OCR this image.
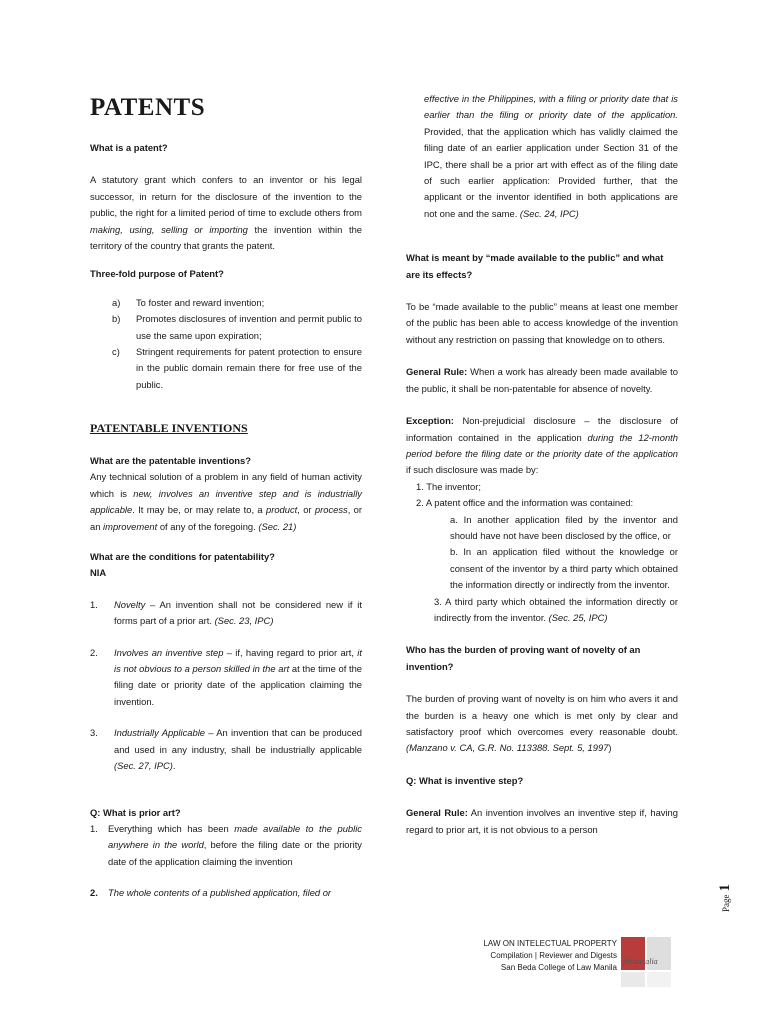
PATENTS

What is a patent?

A statutory grant which confers to an inventor or his legal successor, in return for the disclosure of the invention to the public, the right for a limited period of time to exclude others from making, using, selling or importing the invention within the territory of the country that grants the patent.

Three-fold purpose of Patent?

a) To foster and reward invention;
b) Promotes disclosures of invention and permit public to use the same upon expiration;
c) Stringent requirements for patent protection to ensure in the public domain remain there for free use of the public.
PATENTABLE INVENTIONS

What are the patentable inventions?

Any technical solution of a problem in any field of human activity which is new, involves an inventive step and is industrially applicable. It may be, or may relate to, a product, or process, or an improvement of any of the foregoing. (Sec. 21)

What are the conditions for patentability?

NIA

1. Novelty – An invention shall not be considered new if it forms part of a prior art. (Sec. 23, IPC)

2. Involves an inventive step – if, having regard to prior art, it is not obvious to a person skilled in the art at the time of the filing date or priority date of the application claiming the invention.

3. Industrially Applicable – An invention that can be produced and used in any industry, shall be industrially applicable (Sec. 27, IPC).

Q: What is prior art?

1. Everything which has been made available to the public anywhere in the world, before the filing date or the priority date of the application claiming the invention

2. The whole contents of a published application, filed or

effective in the Philippines, with a filing or priority date that is earlier than the filing or priority date of the application. Provided, that the application which has validly claimed the filing date of an earlier application under Section 31 of the IPC, there shall be a prior art with effect as of the filing date of such earlier application: Provided further, that the applicant or the inventor identified in both applications are not one and the same. (Sec. 24, IPC)

What is meant by “made available to the public” and what are its effects?

To be “made available to the public” means at least one member of the public has been able to access knowledge of the invention without any restriction on passing that knowledge on to others.

General Rule: When a work has already been made available to the public, it shall be non-patentable for absence of novelty.

Exception: Non-prejudicial disclosure – the disclosure of information contained in the application during the 12-month period before the filing date or the priority date of the application if such disclosure was made by:

1. The inventor;

2. A patent office and the information was contained:

a. In another application filed by the inventor and should have not have been disclosed by the office, or
b. In an application filed without the knowledge or consent of the inventor by a third party which obtained the information directly or indirectly from the inventor.

3. A third party which obtained the information directly or indirectly from the inventor. (Sec. 25, IPC)

Who has the burden of proving want of novelty of an invention?

The burden of proving want of novelty is on him who avers it and the burden is a heavy one which is met only by clear and satisfactory proof which overcomes every reasonable doubt. (Manzano v. CA, G.R. No. 113388. Sept. 5, 1997)

Q: What is inventive step?

General Rule: An invention involves an inventive step if, having regard to prior art, it is not obvious to a person

LAW ON INTELECTUAL PROPERTY
Compilation | Reviewer and Digests
San Beda College of Law Manila
jdrasicalia
Page1
